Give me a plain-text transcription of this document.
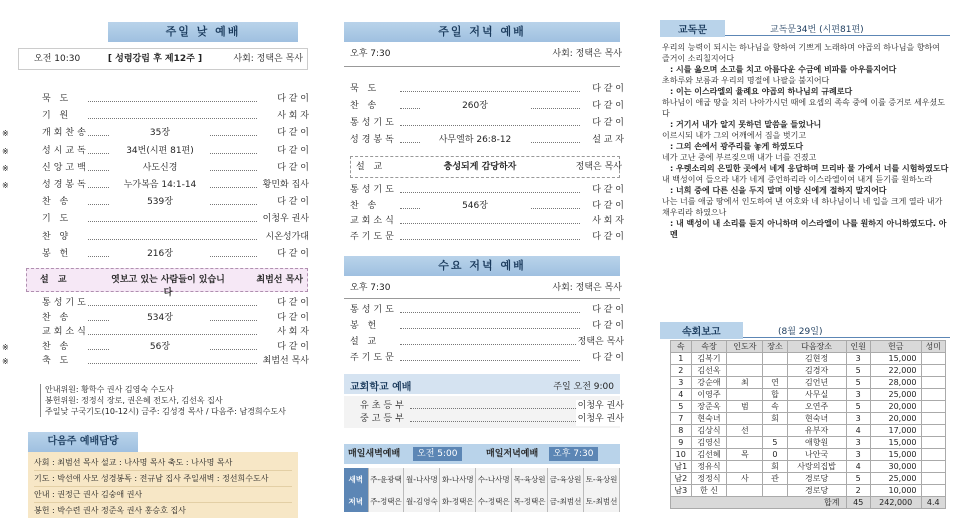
주일 낮 예배
오전 10:30	[ 성령강림 후 제12주 ]	사회: 정택은 목사
묵 도	다 같 이
기 원	사 회 자
※	개회찬송	35장	다 같 이
※	성시교독	34번(시편 81편)	다 같 이
※	신앙고백	사도신경	다 같 이
※	성경봉독	누가복음 14:1-14	황민화 집사
찬 송	539장	다 같 이
기 도	이청우 권사
찬 양	시온성가대
봉 헌	216장	다 같 이
설 교	엿보고 있는 사람들이 있습니다
최범선 목사
통성기도	다 같 이
찬 송	534장	다 같 이
교회소식	사 회 자
※	찬 송	56장	다 같 이
※	축 도	최범선 목사
안내위원: 황학수 권사 김영숙 수도사
봉헌위원: 정정식 장로, 권은혜 전도사, 김선옥 집사
주일낮 구국기도(10-12시) 금주: 김성경 목사 / 다음주: 남경희수도사
다음주 예배담당
사회 : 최범선 목사 설교 : 나사명 목사 축도 : 나사명 목사
기도 : 박선애 사모 성경봉독 : 전규남 집사 주일새벽 : 정선희수도사
안내 : 권정근 권사 김숭애 권사
봉헌 : 박수련 권사 정준옥 권사 홍승호 집사
주일 저녁 예배
오후 7:30	사회: 정택은 목사
묵 도	다 같 이
찬 송	260장	다 같 이
통성기도	다 같 이
성경봉독	사무엘하 26:8-12	설 교 자
설 교	충성되게 감당하자	정택은 목사
통성기도	다 같 이
찬 송	546장	다 같 이
교회소식	사 회 자
주기도문	다 같 이
수요 저녁 예배
오후 7:30	사회: 정택은 목사
통성기도	다 같 이
봉 헌	다 같 이
설 교	정택은 목사
주기도문	다 같 이
교회학교 예배	주일 오전 9:00
유초등부	이청우 권사
중고등부	이청우 권사
매일새벽예배 오전 5:00	매일저녁예배 오후 7:30
새벽	주-윤광택	월-나사명	화-나사명	수-나사명	목-육상원	금-육상원	토-육상원
저녁	주-정택은	월-김영숙	화-정택은	수-정택은	목-정택은	금-최범선	토-최범선
교독문	교독문34번 (시편81편)
우리의 능력이 되시는 하나님을 향하여 기쁘게 노래하며 야곱의 하나님을 향하여 즐거이 소리칠지어다
: 시를 읊으며 소고를 치고 아름다운 수금에 비파를 아우를지어다
초하루와 보름과 우리의 명절에 나팔을 불지어다
: 이는 이스라엘의 율례요 야곱의 하나님의 규례로다
하나님이 애굽 땅을 치러 나아가시던 때에 요셉의 족속 중에 이를 증거로 세우셨도다
: 거기서 내가 알지 못하던 말씀을 들었나니
이르시되 내가 그의 어깨에서 짐을 벗기고
: 그의 손에서 광주리를 놓게 하였도다
네가 고난 중에 부르짖으매 내가 너를 건졌고
: 우렛소리의 은밀한 곳에서 네게 응답하며 므리바 물 가에서 너를 시험하였도다
내 백성이여 들으라 내가 네게 증언하리라 이스라엘이여 내게 듣기를 원하노라
: 너희 중에 다른 신을 두지 말며 이방 신에게 절하지 말지어다
나는 너를 애굽 땅에서 인도하여 낸 여호와 네 하나님이니 네 입을 크게 열라 내가 채우리라 하였으나
: 내 백성이 내 소리를 듣지 아니하며 이스라엘이 나를 원하지 아니하였도다. 아멘
속회보고	(8월 29일)
속	속장	인도자	장소	다음장소	인원	헌금	성미
1	김복기			김현정	3	15,000	
2	김선옥			김경자	5	22,000	
3	강순애	최	연	김언년	5	28,000	
4	이영주		합	사무실	3	25,000	
5	장준옥	범	속	오연주	5	20,000	
7	현숙녀		회	현숙녀	3	20,000	
8	김상식	선		유부자	4	17,000	
9	김영신		5	애향원	3	15,000	
10	김선혜	목	0	나안국	3	15,000	
남1	정유식		회	사랑의집밥	4	30,000	
남2	정정식	사	관	경로당	5	25,000	
남3	한 신			경로당	2	10,000	
합계					45	242,000	4.4
